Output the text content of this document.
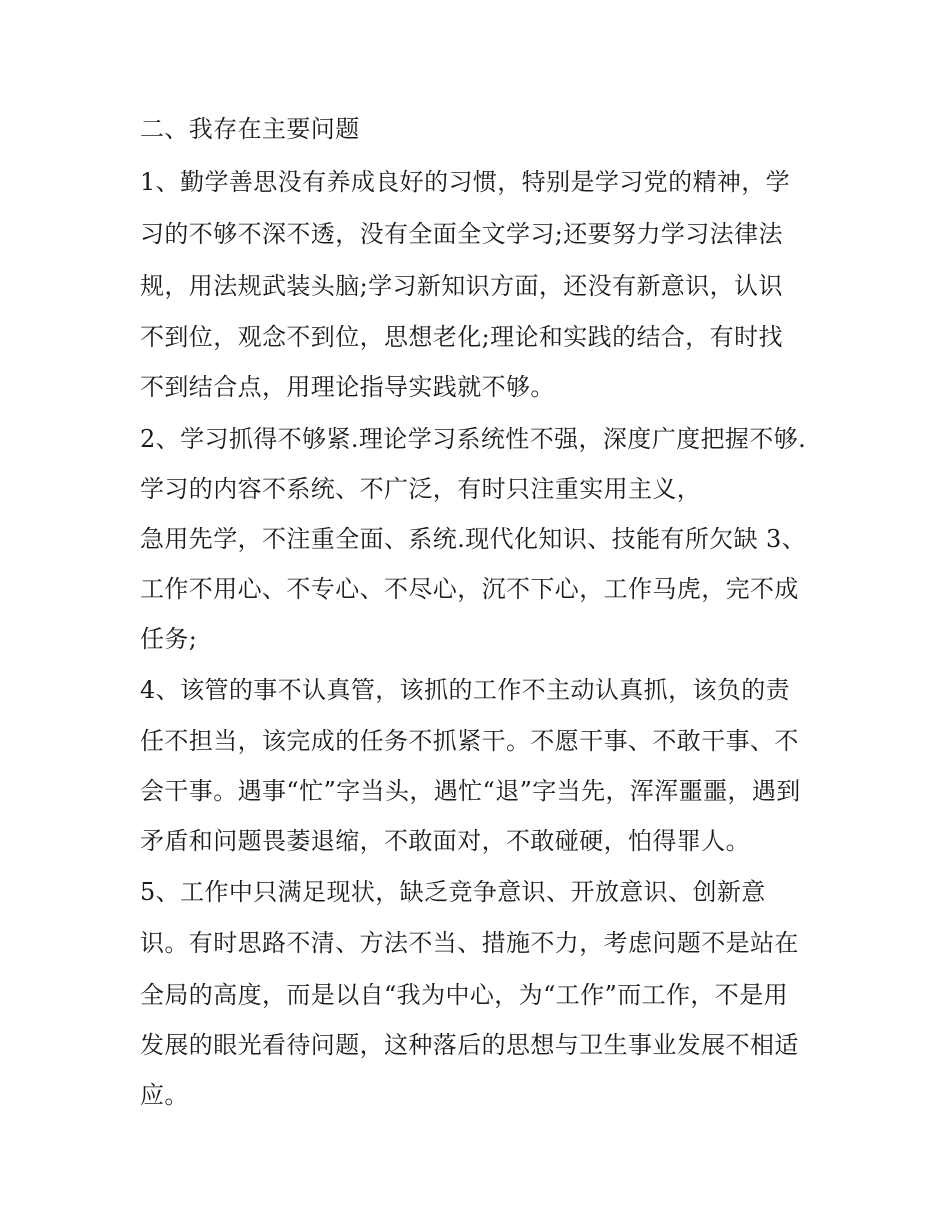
二、我存在主要问题
1、勤学善思没有养成良好的习惯，特别是学习党的精神，学
习的不够不深不透，没有全面全文学习;还要努力学习法律法
规，用法规武装头脑;学习新知识方面，还没有新意识，认识
不到位，观念不到位，思想老化;理论和实践的结合，有时找
不到结合点，用理论指导实践就不够。
2、学习抓得不够紧.理论学习系统性不强，深度广度把握不够.
学习的内容不系统、不广泛，有时只注重实用主义，
急用先学，不注重全面、系统.现代化知识、技能有所欠缺 3、
工作不用心、不专心、不尽心，沉不下心，工作马虎，完不成
任务;
4、该管的事不认真管，该抓的工作不主动认真抓，该负的责
任不担当，该完成的任务不抓紧干。不愿干事、不敢干事、不
会干事。遇事“忙”字当头，遇忙“退”字当先，浑浑噩噩，遇到
矛盾和问题畏萎退缩，不敢面对，不敢碰硬，怕得罪人。
5、工作中只满足现状，缺乏竞争意识、开放意识、创新意
识。有时思路不清、方法不当、措施不力，考虑问题不是站在
全局的高度，而是以自“我为中心，为“工作”而工作，不是用
发展的眼光看待问题，这种落后的思想与卫生事业发展不相适
应。
